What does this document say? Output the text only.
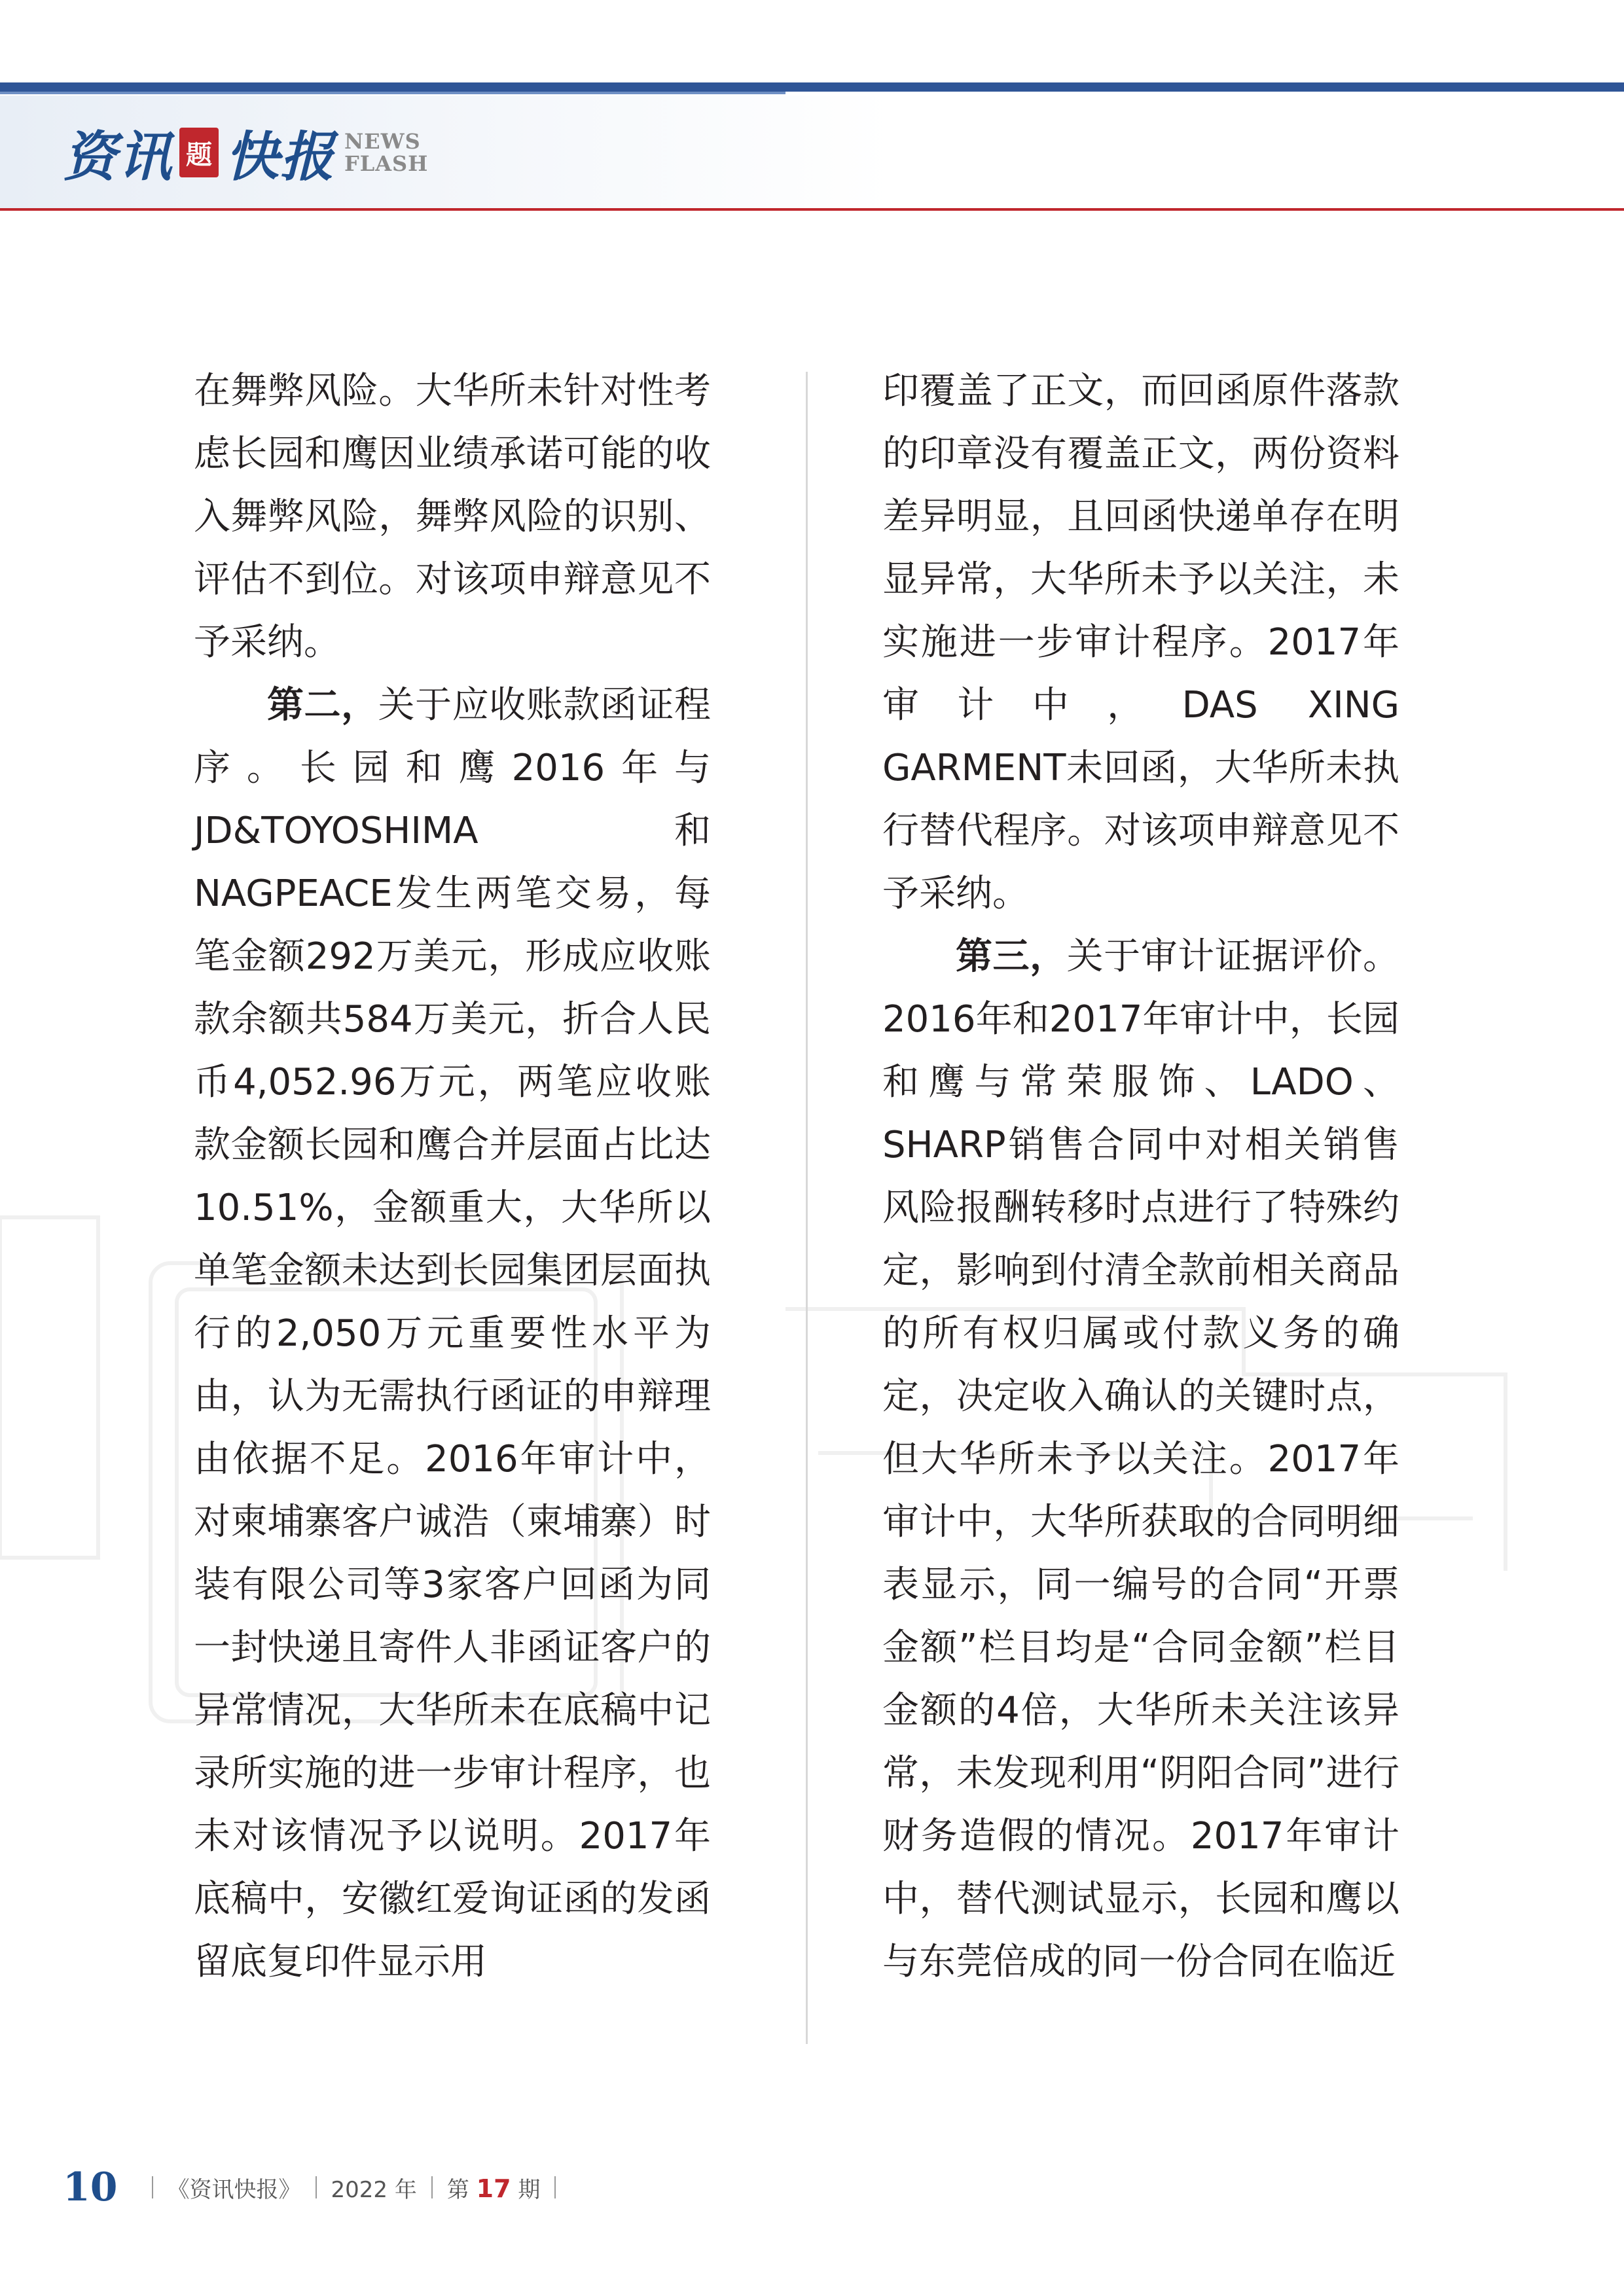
资讯 题 快报 NEWS
FLASH

在舞弊风险。大华所未针对性考虑长园和鹰因业绩承诺可能的收入舞弊风险，舞弊风险的识别、评估不到位。对该项申辩意见不予采纳。

第二，关于应收账款函证程序。长园和鹰2016年与JD&TOYOSHIMA和NAGPEACE发生两笔交易，每笔金额292万美元，形成应收账款余额共584万美元，折合人民币4,052.96万元，两笔应收账款金额长园和鹰合并层面占比达10.51%，金额重大，大华所以单笔金额未达到长园集团层面执行的2,050万元重要性水平为由，认为无需执行函证的申辩理由依据不足。2016年审计中，对柬埔寨客户诚浩（柬埔寨）时装有限公司等3家客户回函为同一封快递且寄件人非函证客户的异常情况，大华所未在底稿中记录所实施的进一步审计程序，也未对该情况予以说明。2017年底稿中，安徽红爱询证函的发函留底复印件显示用

印覆盖了正文，而回函原件落款的印章没有覆盖正文，两份资料差异明显，且回函快递单存在明显异常，大华所未予以关注，未实施进一步审计程序。2017年审计中，DAS XING GARMENT未回函，大华所未执行替代程序。对该项申辩意见不予采纳。

第三，关于审计证据评价。2016年和2017年审计中，长园和鹰与常荣服饰、LADO、SHARP销售合同中对相关销售风险报酬转移时点进行了特殊约定，影响到付清全款前相关商品的所有权归属或付款义务的确定，决定收入确认的关键时点，但大华所未予以关注。2017年审计中，大华所获取的合同明细表显示，同一编号的合同“开票金额”栏目均是“合同金额”栏目金额的4倍，大华所未关注该异常，未发现利用“阴阳合同”进行财务造假的情况。2017年审计中，替代测试显示，长园和鹰以与东莞倍成的同一份合同在临近

10 《资讯快报》 2022 年 第 17 期
